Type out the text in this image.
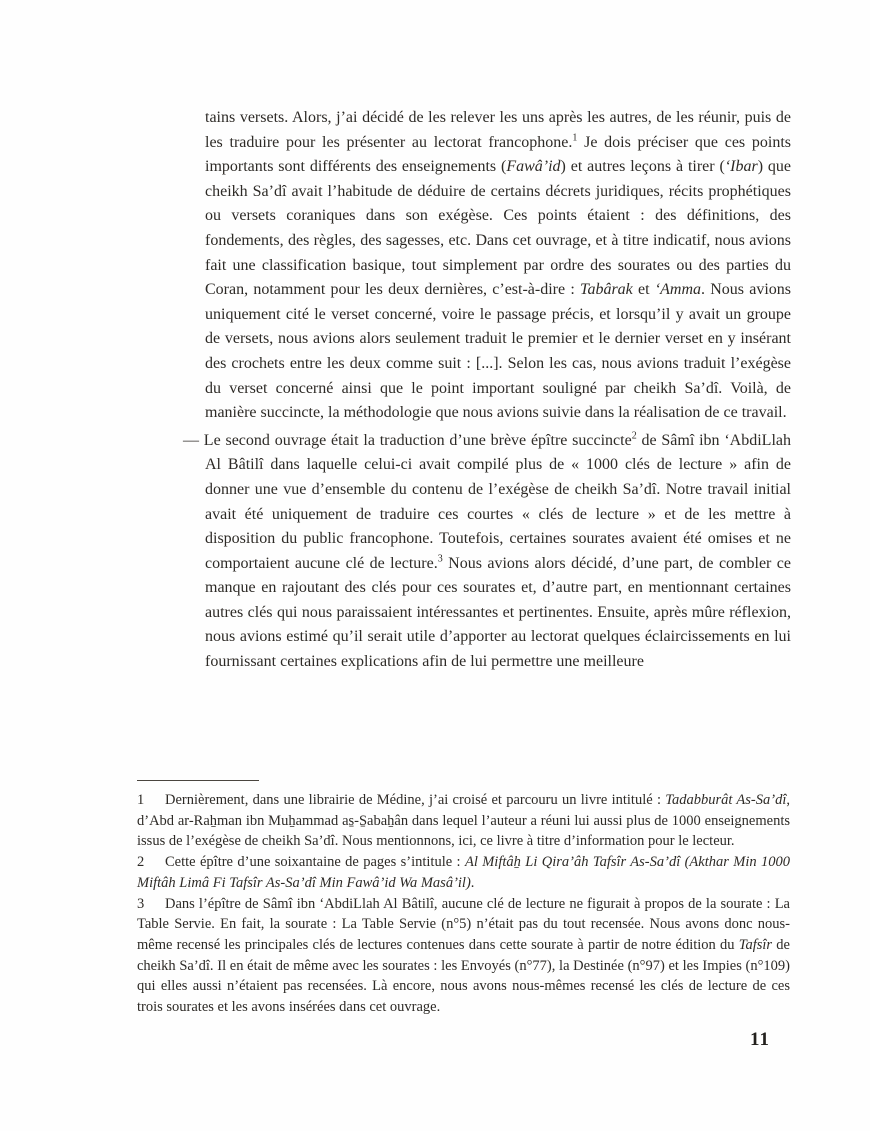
tains versets. Alors, j’ai décidé de les relever les uns après les autres, de les réunir, puis de les traduire pour les présenter au lectorat francophone.$^1$ Je dois préciser que ces points importants sont différents des enseignements (Fawâ’id) et autres leçons à tirer (‘Ibar) que cheikh Sa’dî avait l’habitude de déduire de certains décrets juridiques, récits prophétiques ou versets coraniques dans son exégèse. Ces points étaient : des définitions, des fondements, des règles, des sagesses, etc. Dans cet ouvrage, et à titre indicatif, nous avions fait une classification basique, tout simplement par ordre des sourates ou des parties du Coran, notamment pour les deux dernières, c’est-à-dire : Tabârak et ‘Amma. Nous avions uniquement cité le verset concerné, voire le passage précis, et lorsqu’il y avait un groupe de versets, nous avions alors seulement traduit le premier et le dernier verset en y insérant des crochets entre les deux comme suit : [...]. Selon les cas, nous avions traduit l’exégèse du verset concerné ainsi que le point important souligné par cheikh Sa’dî. Voilà, de manière succincte, la méthodologie que nous avions suivie dans la réalisation de ce travail.
— Le second ouvrage était la traduction d’une brève épître succincte$^2$ de Sâmî ibn ‘AbdiLlah Al Bâtilî dans laquelle celui-ci avait compilé plus de « 1000 clés de lecture » afin de donner une vue d’ensemble du contenu de l’exégèse de cheikh Sa’dî. Notre travail initial avait été uniquement de traduire ces courtes « clés de lecture » et de les mettre à disposition du public francophone. Toutefois, certaines sourates avaient été omises et ne comportaient aucune clé de lecture.$^3$ Nous avions alors décidé, d’une part, de combler ce manque en rajoutant des clés pour ces sourates et, d’autre part, en mentionnant certaines autres clés qui nous paraissaient intéressantes et pertinentes. Ensuite, après mûre réflexion, nous avions estimé qu’il serait utile d’apporter au lectorat quelques éclaircissements en lui fournissant certaines explications afin de lui permettre une meilleure
1 Dernièrement, dans une librairie de Médine, j’ai croisé et parcouru un livre intitulé : Tadabburât As-Sa’dî, d’Abd ar-Raẖman ibn Muẖammad as̱-S̱abaẖân dans lequel l’auteur a réuni lui aussi plus de 1000 enseignements issus de l’exégèse de cheikh Sa’dî. Nous mentionnons, ici, ce livre à titre d’information pour le lecteur.
2 Cette épître d’une soixantaine de pages s’intitule : Al Miftâẖ Li Qira’âh Tafsîr As-Sa’dî (Akthar Min 1000 Miftâh Limâ Fi Tafsîr As-Sa’dî Min Fawâ’id Wa Masâ’il).
3 Dans l’épître de Sâmî ibn ‘AbdiLlah Al Bâtilî, aucune clé de lecture ne figurait à propos de la sourate : La Table Servie. En fait, la sourate : La Table Servie (n°5) n’était pas du tout recensée. Nous avons donc nous-même recensé les principales clés de lectures contenues dans cette sourate à partir de notre édition du Tafsîr de cheikh Sa’dî. Il en était de même avec les sourates : les Envoyés (n°77), la Destinée (n°97) et les Impies (n°109) qui elles aussi n’étaient pas recensées. Là encore, nous avons nous-mêmes recensé les clés de lecture de ces trois sourates et les avons insérées dans cet ouvrage.
11
